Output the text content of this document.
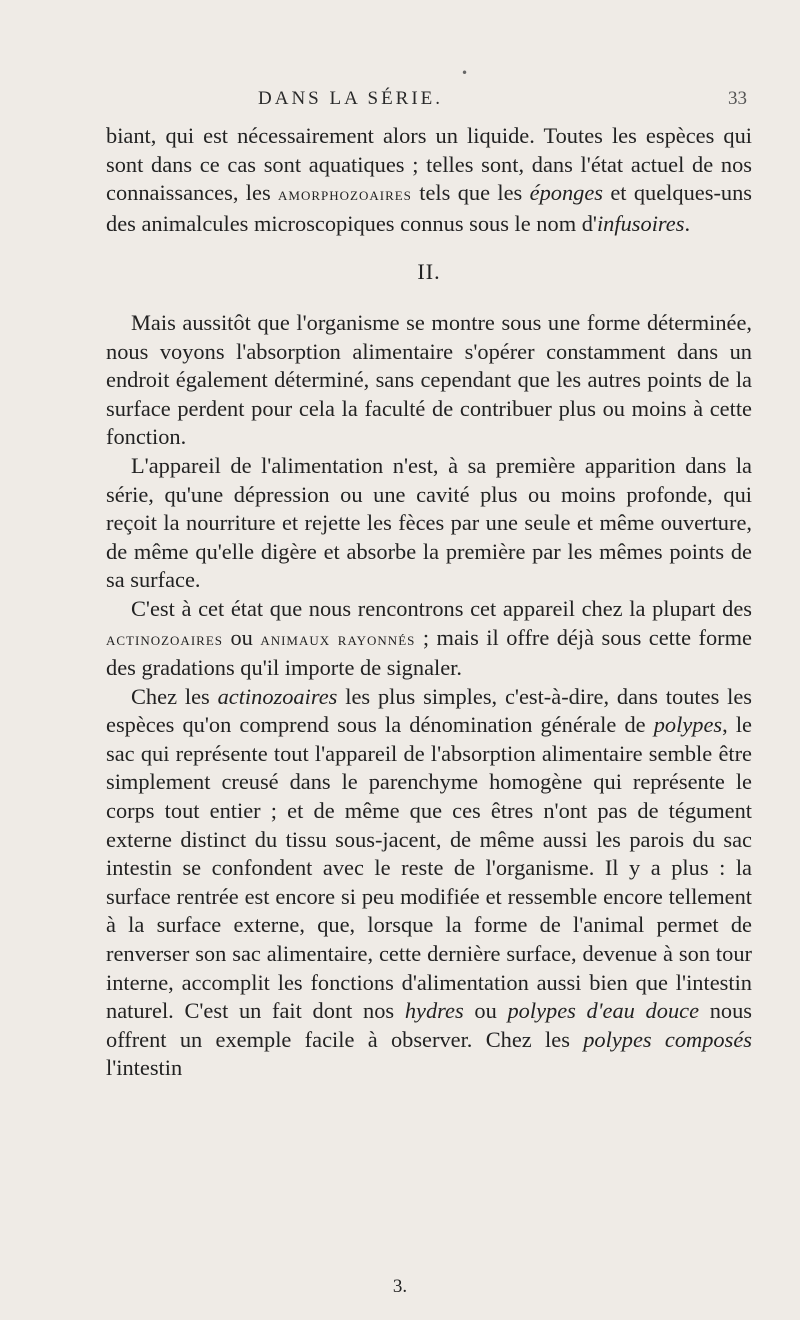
•
DANS LA SÉRIE.	33

biant, qui est nécessairement alors un liquide. Toutes les espèces qui sont dans ce cas sont aquatiques ; telles sont, dans l'état actuel de nos connaissances, les amorphozoaires tels que les éponges et quelques-uns des animalcules microscopiques connus sous le nom d'infusoires.

II.

Mais aussitôt que l'organisme se montre sous une forme déterminée, nous voyons l'absorption alimentaire s'opérer constamment dans un endroit également déterminé, sans cependant que les autres points de la surface perdent pour cela la faculté de contribuer plus ou moins à cette fonction.

L'appareil de l'alimentation n'est, à sa première apparition dans la série, qu'une dépression ou une cavité plus ou moins profonde, qui reçoit la nourriture et rejette les fèces par une seule et même ouverture, de même qu'elle digère et absorbe la première par les mêmes points de sa surface.

C'est à cet état que nous rencontrons cet appareil chez la plupart des actinozoaires ou animaux rayonnés ; mais il offre déjà sous cette forme des gradations qu'il importe de signaler.

Chez les actinozoaires les plus simples, c'est-à-dire, dans toutes les espèces qu'on comprend sous la dénomination générale de polypes, le sac qui représente tout l'appareil de l'absorption alimentaire semble être simplement creusé dans le parenchyme homogène qui représente le corps tout entier ; et de même que ces êtres n'ont pas de tégument externe distinct du tissu sous-jacent, de même aussi les parois du sac intestin se confondent avec le reste de l'organisme. Il y a plus : la surface rentrée est encore si peu modifiée et ressemble encore tellement à la surface externe, que, lorsque la forme de l'animal permet de renverser son sac alimentaire, cette dernière surface, devenue à son tour interne, accomplit les fonctions d'alimentation aussi bien que l'intestin naturel. C'est un fait dont nos hydres ou polypes d'eau douce nous offrent un exemple facile à observer. Chez les polypes composés l'intestin

3.
